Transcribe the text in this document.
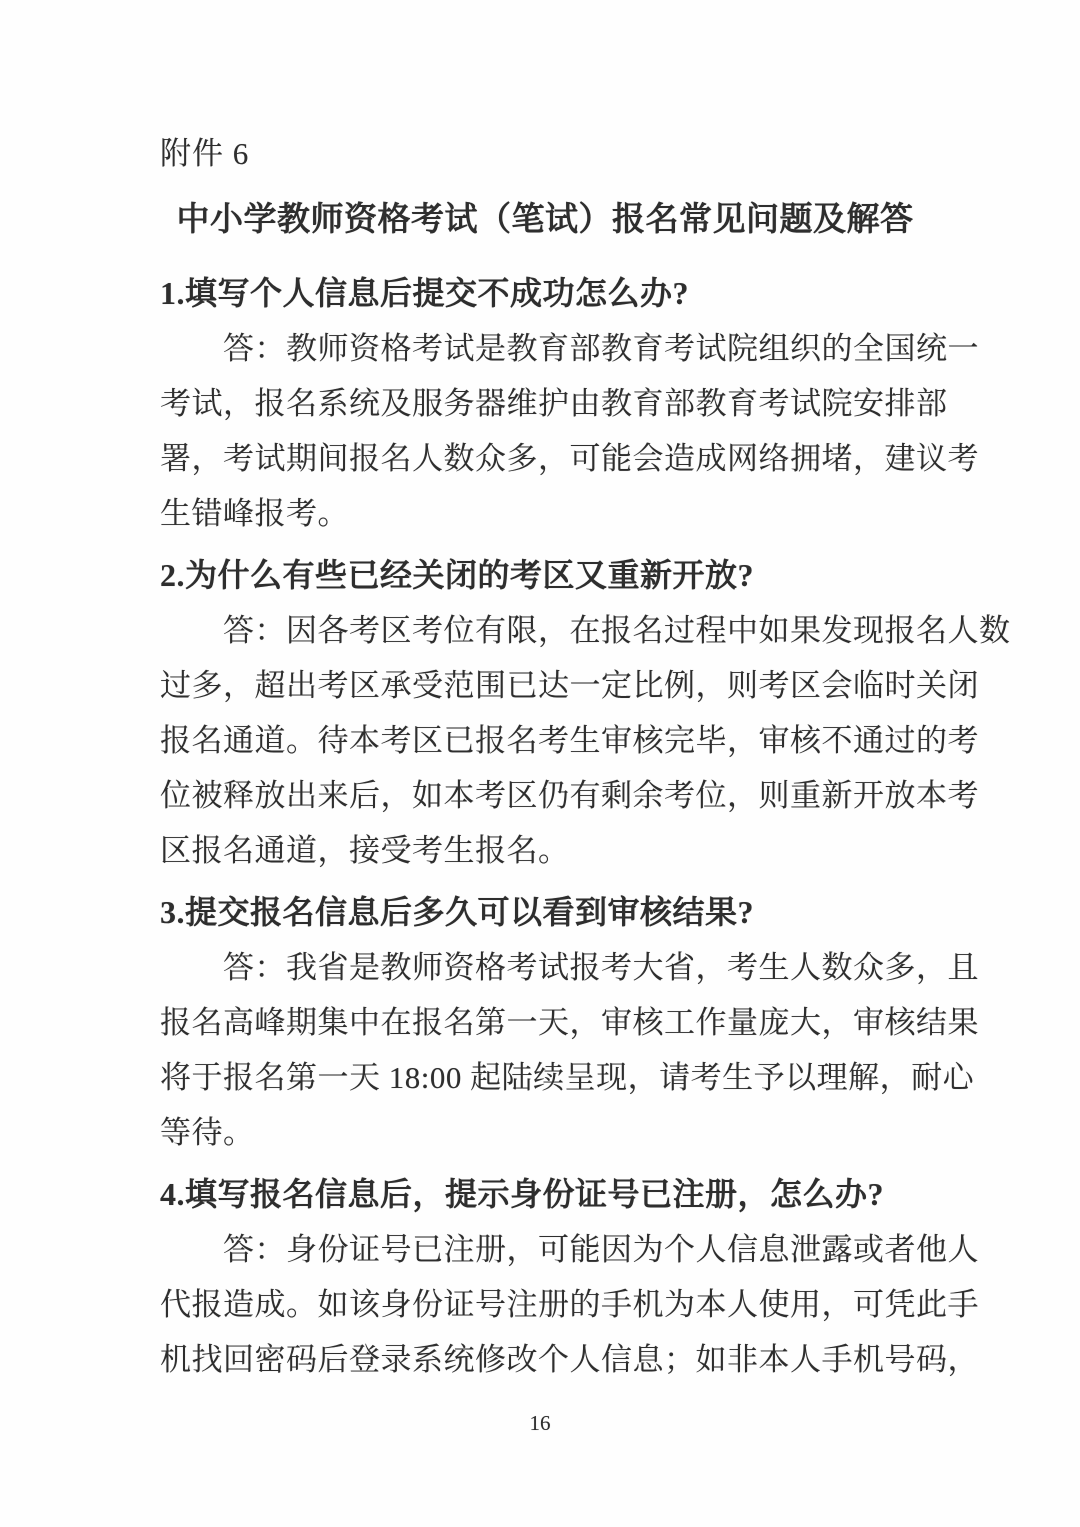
附件 6
中小学教师资格考试（笔试）报名常见问题及解答
1.填写个人信息后提交不成功怎么办?

答：教师资格考试是教育部教育考试院组织的全国统一

考试，报名系统及服务器维护由教育部教育考试院安排部

署，考试期间报名人数众多，可能会造成网络拥堵，建议考

生错峰报考。

2.为什么有些已经关闭的考区又重新开放?

答：因各考区考位有限，在报名过程中如果发现报名人数

过多，超出考区承受范围已达一定比例，则考区会临时关闭

报名通道。待本考区已报名考生审核完毕，审核不通过的考

位被释放出来后，如本考区仍有剩余考位，则重新开放本考

区报名通道，接受考生报名。

3.提交报名信息后多久可以看到审核结果?

答：我省是教师资格考试报考大省，考生人数众多，且

报名高峰期集中在报名第一天，审核工作量庞大，审核结果

将于报名第一天 18:00 起陆续呈现，请考生予以理解，耐心

等待。

4.填写报名信息后，提示身份证号已注册，怎么办?

答：身份证号已注册，可能因为个人信息泄露或者他人

代报造成。如该身份证号注册的手机为本人使用，可凭此手

机找回密码后登录系统修改个人信息；如非本人手机号码，

16
